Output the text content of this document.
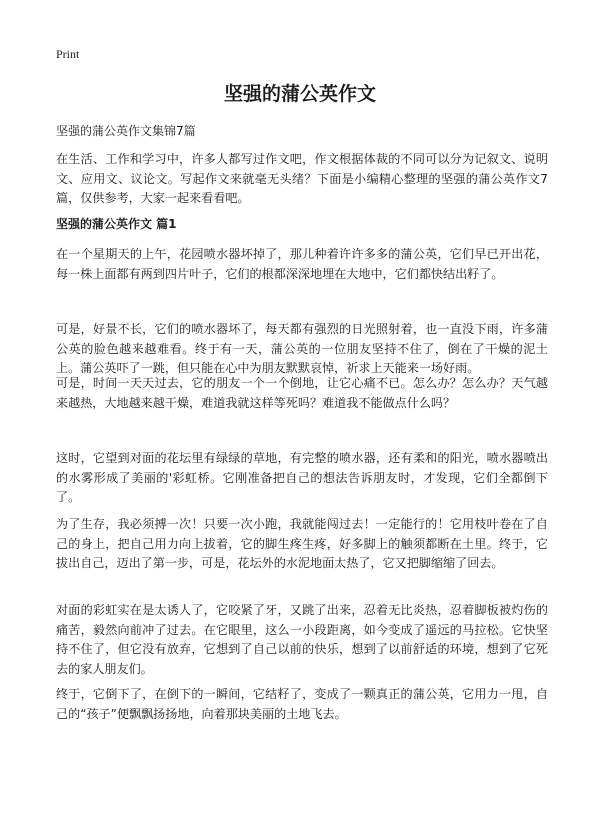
Print
坚强的蒲公英作文
坚强的蒲公英作文集锦7篇

在生活、工作和学习中，许多人都写过作文吧，作文根据体裁的不同可以分为记叙文、说明文、应用文、议论文。写起作文来就毫无头绪？下面是小编精心整理的坚强的蒲公英作文7篇，仅供参考，大家一起来看看吧。

坚强的蒲公英作文 篇1

在一个星期天的上午，花园喷水器坏掉了，那儿种着许许多多的蒲公英，它们早已开出花，每一株上面都有两到四片叶子，它们的根都深深地埋在大地中，它们都快结出籽了。

可是，好景不长，它们的喷水器坏了，每天都有强烈的日光照射着，也一直没下雨，许多蒲公英的脸色越来越难看。终于有一天，蒲公英的一位朋友坚持不住了，倒在了干燥的泥土上。蒲公英吓了一跳，但只能在心中为朋友默默哀悼，祈求上天能来一场好雨。

可是，时间一天天过去，它的朋友一个一个倒地，让它心痛不已。怎么办？怎么办？天气越来越热，大地越来越干燥，难道我就这样等死吗？难道我不能做点什么吗？

这时，它望到对面的花坛里有绿绿的草地，有完整的喷水器，还有柔和的阳光，喷水器喷出的水雾形成了美丽的'彩虹桥。它刚准备把自己的想法告诉朋友时，才发现，它们全都倒下了。

为了生存，我必须搏一次！只要一次小跑，我就能闯过去！一定能行的！它用枝叶卷在了自己的身上，把自己用力向上拔着，它的脚生疼生疼，好多脚上的触须都断在土里。终于，它拔出自己，迈出了第一步，可是，花坛外的水泥地面太热了，它又把脚缩缩了回去。

对面的彩虹实在是太诱人了，它咬紧了牙，又跳了出来，忍着无比炎热，忍着脚板被灼伤的痛苦，毅然向前冲了过去。在它眼里，这么一小段距离，如今变成了遥远的马拉松。它快坚持不住了，但它没有放弃，它想到了自己以前的快乐，想到了以前舒适的环境，想到了它死去的家人朋友们。

终于，它倒下了，在倒下的一瞬间，它结籽了，变成了一颗真正的蒲公英，它用力一甩，自己的“孩子”便飘飘扬扬地，向着那块美丽的土地飞去。
